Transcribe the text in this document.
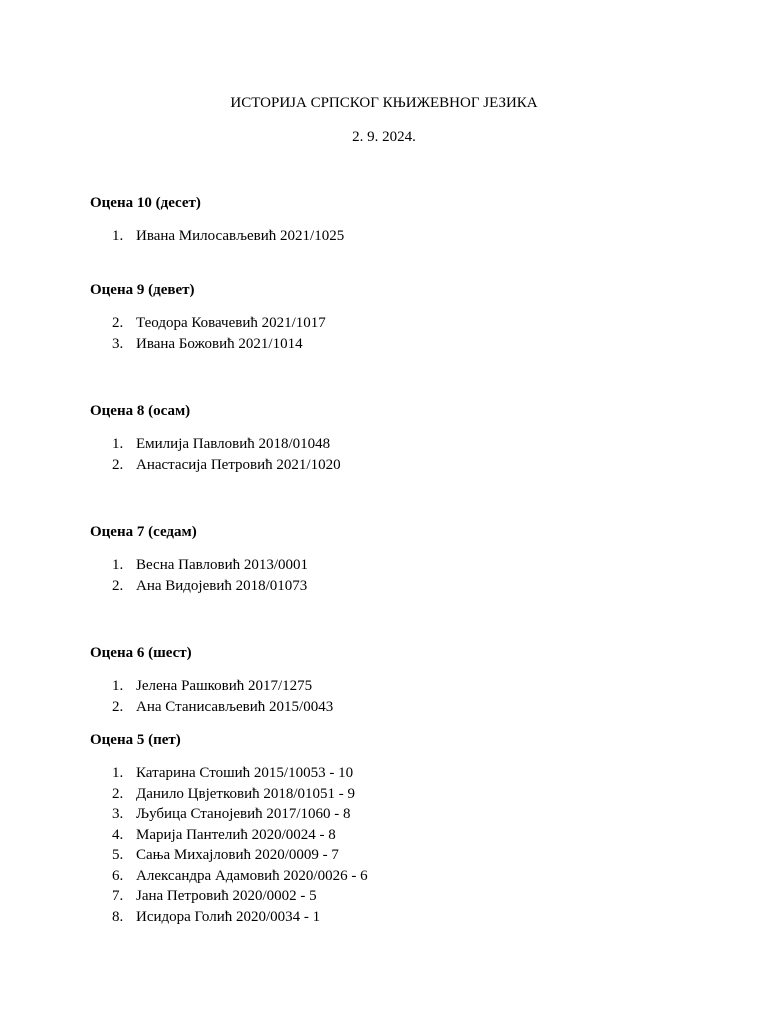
ИСТОРИЈА СРПСКОГ КЊИЖЕВНОГ ЈЕЗИКА
2. 9. 2024.
Оцена 10 (десет)
1. Ивана Милосављевић 2021/1025
Оцена 9 (девет)
2. Теодора Ковачевић 2021/1017
3. Ивана Божовић 2021/1014
Оцена 8 (осам)
1. Емилија Павловић 2018/01048
2. Анастасија Петровић 2021/1020
Оцена 7 (седам)
1. Весна Павловић 2013/0001
2. Ана Видојевић 2018/01073
Оцена 6 (шест)
1. Јелена Рашковић 2017/1275
2. Ана Станисављевић 2015/0043
Оцена 5 (пет)
1. Катарина Стошић 2015/10053 - 10
2. Данило Цвјетковић 2018/01051 - 9
3. Љубица Станојевић 2017/1060 - 8
4. Марија Пантелић 2020/0024 - 8
5. Сања Михајловић 2020/0009 - 7
6. Александра Адамовић 2020/0026 - 6
7. Јана Петровић 2020/0002 - 5
8. Исидора Голић 2020/0034 - 1
